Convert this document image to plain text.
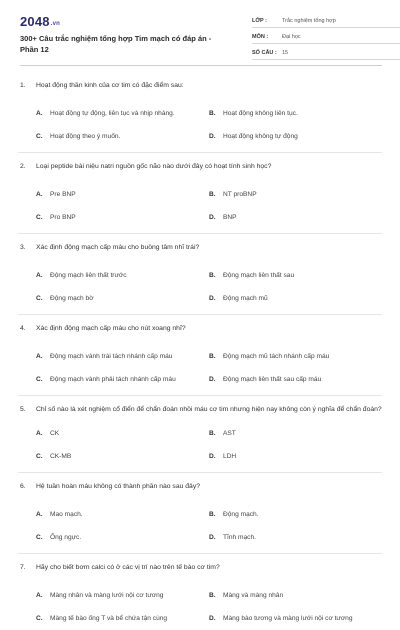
2048.vn
300+ Câu trắc nghiệm tổng hợp Tim mạch có đáp án - Phần 12
LỚP :	Trắc nghiệm tổng hợp
MÔN :	Đại học
SỐ CÂU : 15
1.	Hoạt động thần kinh của cơ tim có đặc điểm sau:
A.	Hoạt động tự động, liên tục và nhịp nhàng.	B.	Hoạt động không liên tục.
C.	Hoạt động theo ý muốn.	D.	Hoạt động không tự động
2.	Loại peptide bài niệu natri nguồn gốc não nào dưới đây có hoạt tính sinh học?
A.	Pre BNP	B.	NT proBNP
C.	Pro BNP	D.	BNP
3.	Xác định động mạch cấp máu cho buồng tâm nhĩ trái?
A.	Động mạch liên thất trước	B.	Động mạch liên thất sau
C.	Động mạch bờ	D.	Động mạch mũ
4.	Xác định động mạch cấp máu cho nút xoang nhĩ?
A.	Động mạch vành trái tách nhánh cấp máu	B.	Động mạch mũ tách nhánh cấp máu
C.	Động mạch vành phải tách nhánh cấp máu	D.	Động mạch liên thất sau cấp máu
5.	Chỉ số nào là xét nghiệm cổ điển để chẩn đoán nhồi máu cơ tim nhưng hiện nay không còn ý nghĩa để chẩn đoán?
A.	CK	B.	AST
C.	CK-MB	D.	LDH
6.	Hệ tuần hoàn máu không có thành phần nào sau đây?
A.	Mao mạch.	B.	Động mạch.
C.	Ống ngực.	D.	Tĩnh mạch.
7.	Hãy cho biết bơm calci có ở các vị trí nào trên tế bào cơ tim?
A.	Màng nhân và màng lưới nội cơ tương	B.	Màng và màng nhân
C.	Màng tế bào ống T và bể chứa tận cùng	D.	Màng bào tương và màng lưới nội cơ tương
